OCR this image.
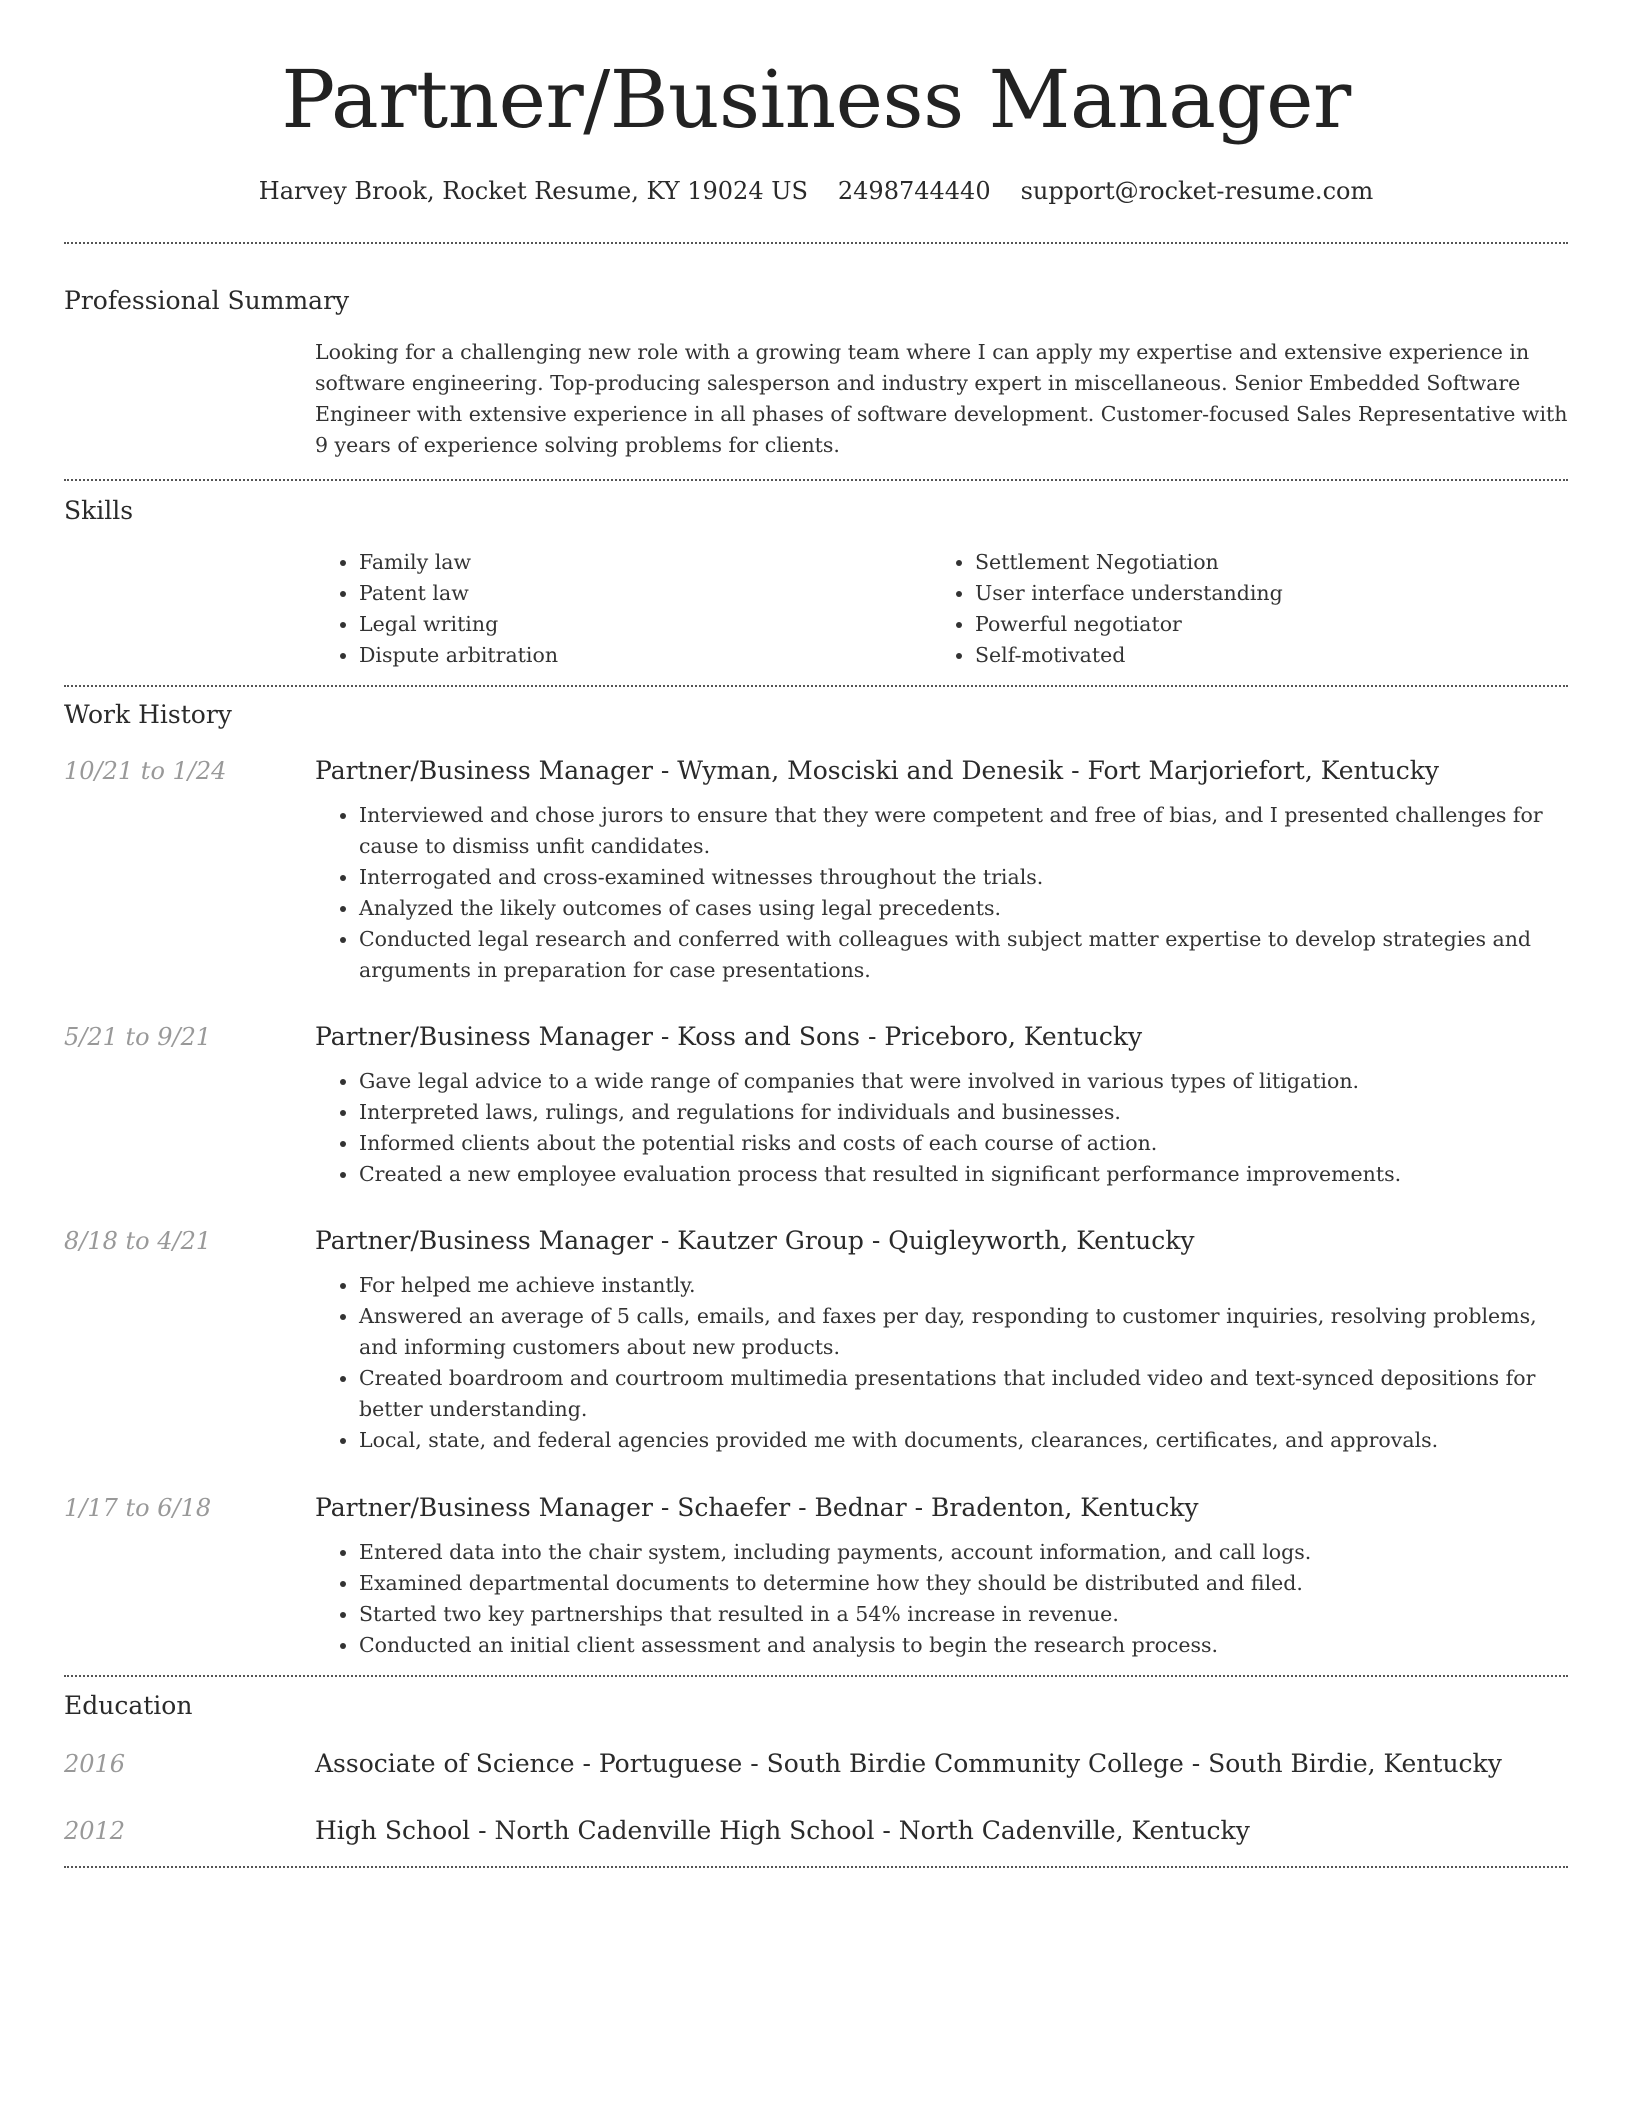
Partner/Business Manager
Harvey Brook, Rocket Resume, KY 19024 US 2498744440 support@rocket-resume.com
Professional Summary
Looking for a challenging new role with a growing team where I can apply my expertise and extensive experience in software engineering. Top-producing salesperson and industry expert in miscellaneous. Senior Embedded Software Engineer with extensive experience in all phases of software development. Customer-focused Sales Representative with 9 years of experience solving problems for clients.
Skills
• Family law
• Patent law
• Legal writing
• Dispute arbitration
• Settlement Negotiation
• User interface understanding
• Powerful negotiator
• Self-motivated
Work History
10/21 to 1/24	Partner/Business Manager - Wyman, Mosciski and Denesik - Fort Marjoriefort, Kentucky
• Interviewed and chose jurors to ensure that they were competent and free of bias, and I presented challenges for cause to dismiss unfit candidates.
• Interrogated and cross-examined witnesses throughout the trials.
• Analyzed the likely outcomes of cases using legal precedents.
• Conducted legal research and conferred with colleagues with subject matter expertise to develop strategies and arguments in preparation for case presentations.
5/21 to 9/21	Partner/Business Manager - Koss and Sons - Priceboro, Kentucky
• Gave legal advice to a wide range of companies that were involved in various types of litigation.
• Interpreted laws, rulings, and regulations for individuals and businesses.
• Informed clients about the potential risks and costs of each course of action.
• Created a new employee evaluation process that resulted in significant performance improvements.
8/18 to 4/21	Partner/Business Manager - Kautzer Group - Quigleyworth, Kentucky
• For helped me achieve instantly.
• Answered an average of 5 calls, emails, and faxes per day, responding to customer inquiries, resolving problems, and informing customers about new products.
• Created boardroom and courtroom multimedia presentations that included video and text-synced depositions for better understanding.
• Local, state, and federal agencies provided me with documents, clearances, certificates, and approvals.
1/17 to 6/18	Partner/Business Manager - Schaefer - Bednar - Bradenton, Kentucky
• Entered data into the chair system, including payments, account information, and call logs.
• Examined departmental documents to determine how they should be distributed and filed.
• Started two key partnerships that resulted in a 54% increase in revenue.
• Conducted an initial client assessment and analysis to begin the research process.
Education
2016	Associate of Science - Portuguese - South Birdie Community College - South Birdie, Kentucky
2012	High School - North Cadenville High School - North Cadenville, Kentucky
